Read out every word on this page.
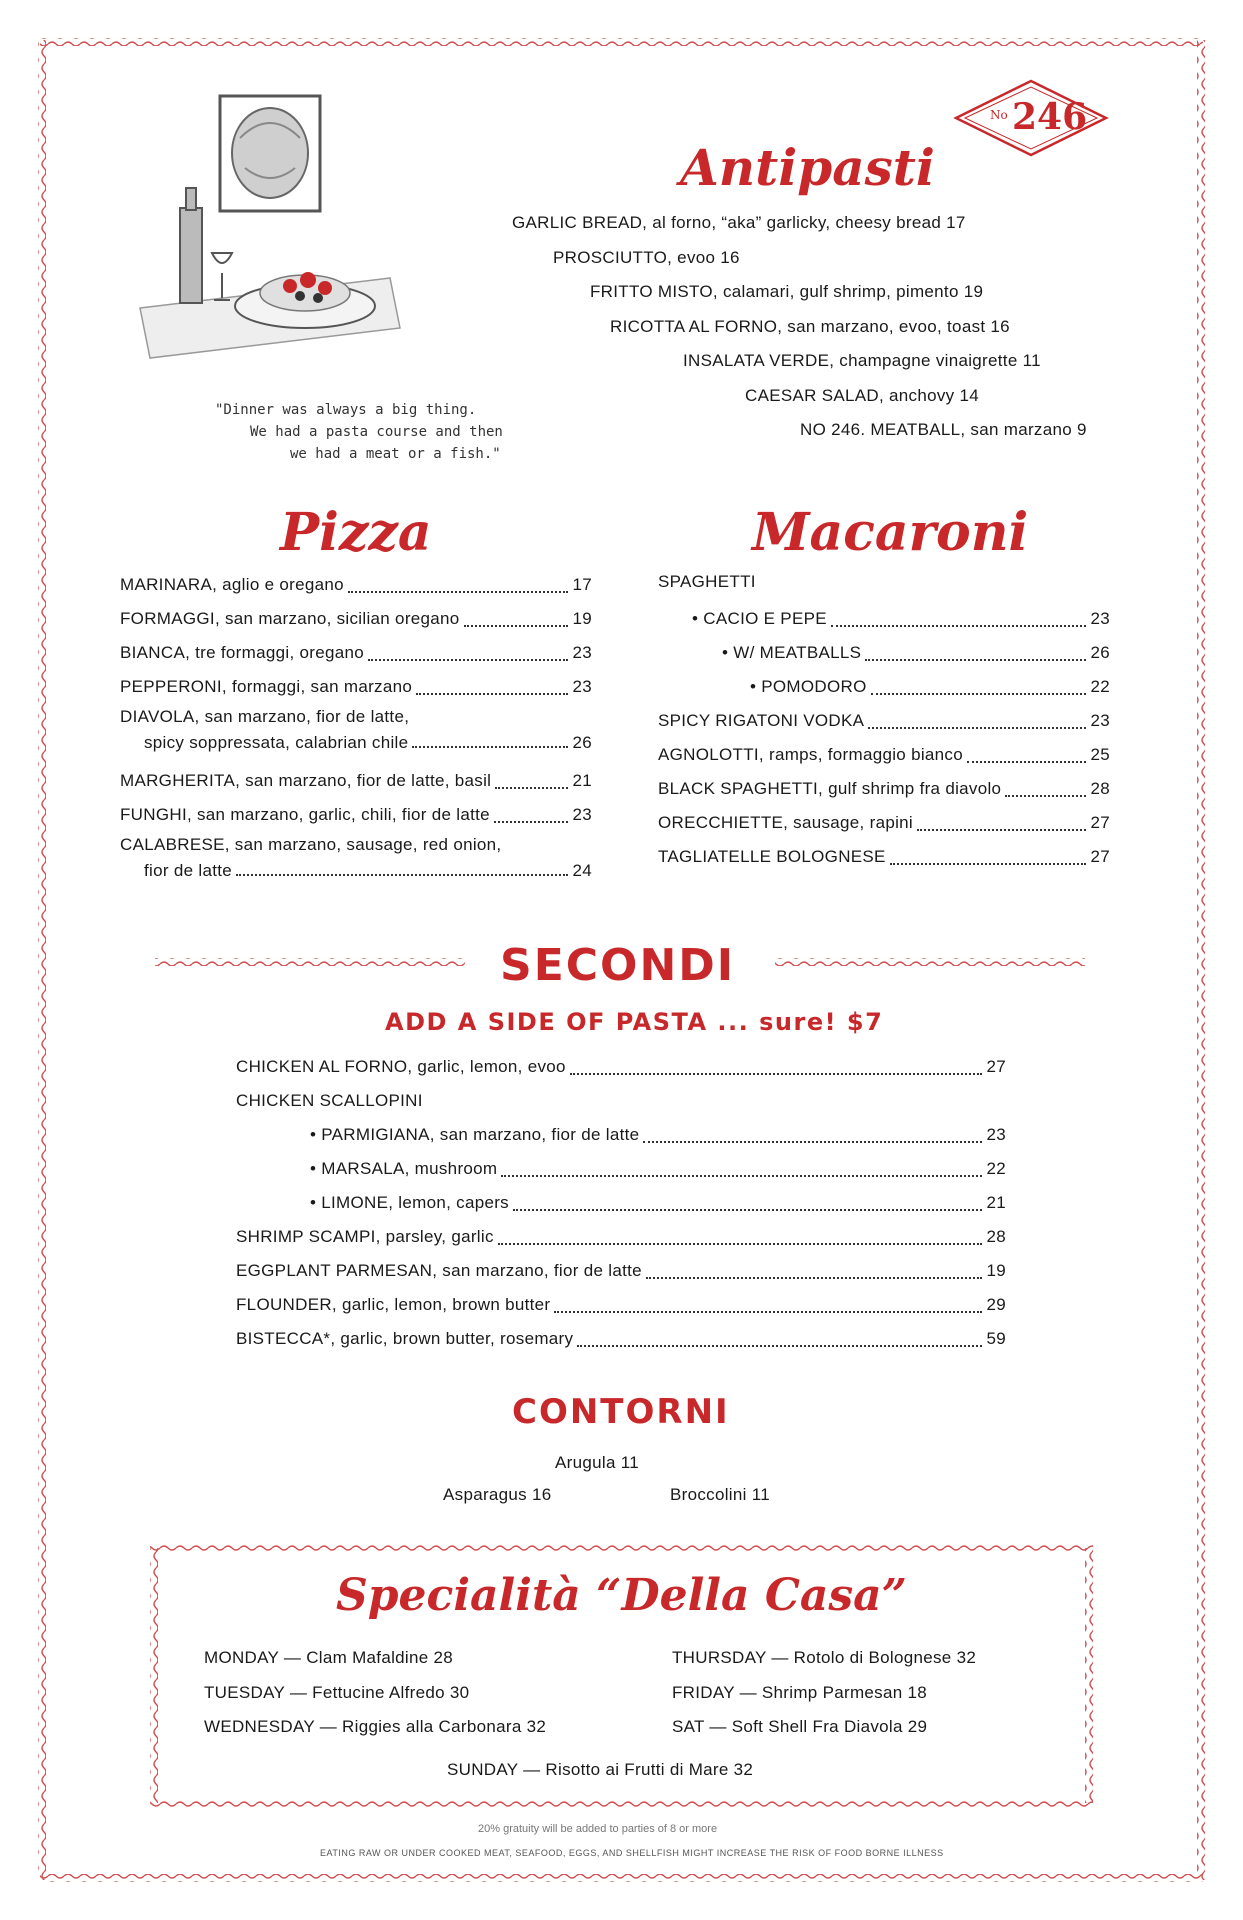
No 246
"Dinner was always a big thing.
We had a pasta course and then
we had a meat or a fish."
Antipasti
GARLIC BREAD, al forno, “aka” garlicky, cheesy bread 17
PROSCIUTTO, evoo 16
FRITTO MISTO, calamari, gulf shrimp, pimento 19
RICOTTA AL FORNO, san marzano, evoo, toast 16
INSALATA VERDE, champagne vinaigrette 11
CAESAR SALAD, anchovy 14
NO 246. MEATBALL, san marzano 9
Pizza
MARINARA, aglio e oregano	17
FORMAGGI, san marzano, sicilian oregano	19
BIANCA, tre formaggi, oregano	23
PEPPERONI, formaggi, san marzano	23
DIAVOLA, san marzano, fior de latte,
spicy soppressata, calabrian chile	26
MARGHERITA, san marzano, fior de latte, basil	21
FUNGHI, san marzano, garlic, chili, fior de latte	23
CALABRESE, san marzano, sausage, red onion,
fior de latte	24
Macaroni
SPAGHETTI
• CACIO E PEPE	23
• W/ MEATBALLS	26
• POMODORO	22
SPICY RIGATONI VODKA	23
AGNOLOTTI, ramps, formaggio bianco	25
BLACK SPAGHETTI, gulf shrimp fra diavolo	28
ORECCHIETTE, sausage, rapini	27
TAGLIATELLE BOLOGNESE	27
SECONDI
ADD A SIDE OF PASTA ... sure! $7
CHICKEN AL FORNO, garlic, lemon, evoo	27
CHICKEN SCALLOPINI
• PARMIGIANA, san marzano, fior de latte	23
• MARSALA, mushroom	22
• LIMONE, lemon, capers	21
SHRIMP SCAMPI, parsley, garlic	28
EGGPLANT PARMESAN, san marzano, fior de latte	19
FLOUNDER, garlic, lemon, brown butter	29
BISTECCA*, garlic, brown butter, rosemary	59
CONTORNI
Arugula 11
Asparagus 16	Broccolini 11
Specialità “Della Casa”
MONDAY — Clam Mafaldine 28
TUESDAY — Fettucine Alfredo 30
WEDNESDAY — Riggies alla Carbonara 32
THURSDAY — Rotolo di Bolognese 32
FRIDAY — Shrimp Parmesan 18
SAT — Soft Shell Fra Diavola 29
SUNDAY — Risotto ai Frutti di Mare 32
20% gratuity will be added to parties of 8 or more
EATING RAW OR UNDER COOKED MEAT, SEAFOOD, EGGS, AND SHELLFISH MIGHT INCREASE THE RISK OF FOOD BORNE ILLNESS
